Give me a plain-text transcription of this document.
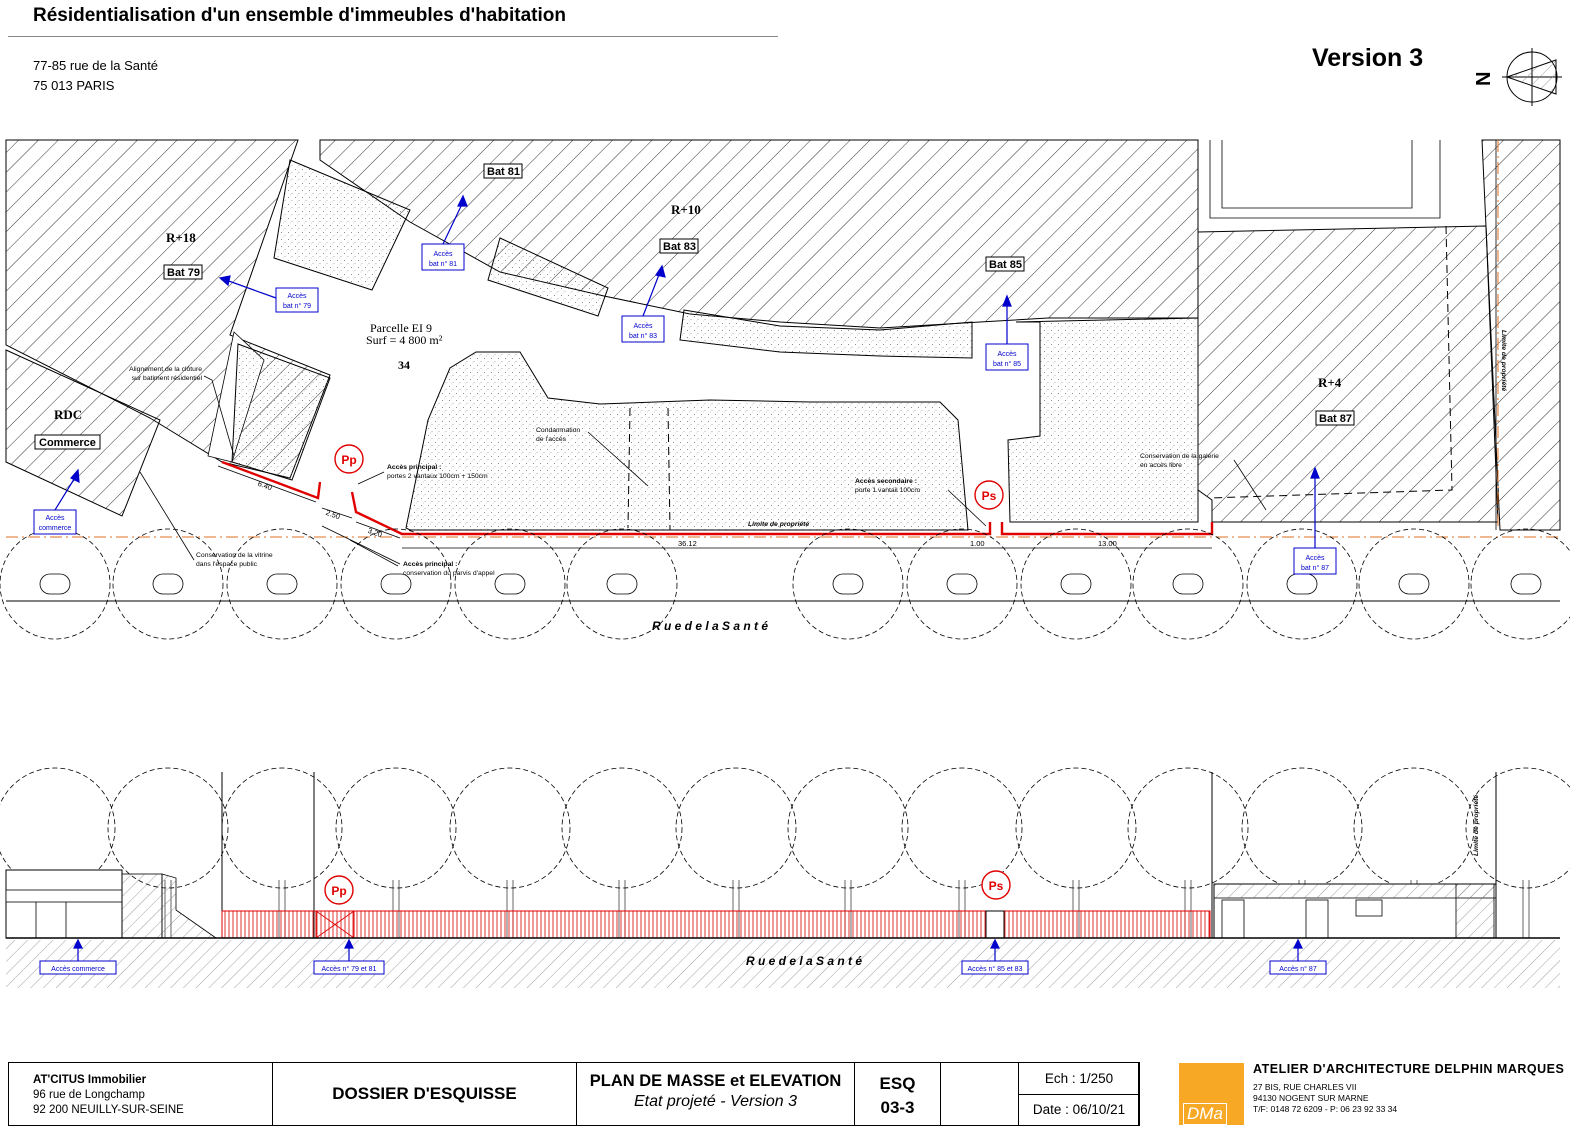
Résidentialisation d'un ensemble d'immeubles d'habitation
77-85 rue de la Santé
75 013 PARIS
Version 3
N
R u e d e l a S a n t é
6.40
2.50
3.20
36.12	1.00	13.00
R+18
Bat 79
Bat 81
R+10
Bat 83
Bat 85
R+4
Bat 87
RDC
Commerce
Parcelle EI 9
Surf = 4 800 m²
34
Accès
bat n° 81
Accès
bat n° 79
Accès
bat n° 83
Accès
bat n° 85
Accès
commerce
Accès
bat n° 87
Pp
Ps
Alignement de la clôture
sur batiment résidentiel
Condamnation
de l'accès
Accès principal :
portes 2 vantaux 100cm + 150cm
Accès principal :
conservation du parvis d'appel
Accès secondaire :
porte 1 vantail 100cm
Conservation de la galerie
en accès libre
Conservation de la vitrine
dans l'espace public
Limite de propriété
Limite de propriété
R u e d e l a S a n t é
Pp	Ps
Accès commerce	Accès n° 79 et 81	Accès n° 85 et 83	Accès n° 87
Limite de propriété
AT'CITUS Immobilier
96 rue de Longchamp
92 200 NEUILLY-SUR-SEINE
DOSSIER D'ESQUISSE
PLAN DE MASSE et ELEVATION
Etat projeté - Version 3
ESQ
03-3
Ech : 1/250
Date : 06/10/21	DMa
ATELIER D'ARCHITECTURE DELPHIN MARQUES
27 BIS, RUE CHARLES VII
94130 NOGENT SUR MARNE
T/F: 0148 72 6209 - P: 06 23 92 33 34
